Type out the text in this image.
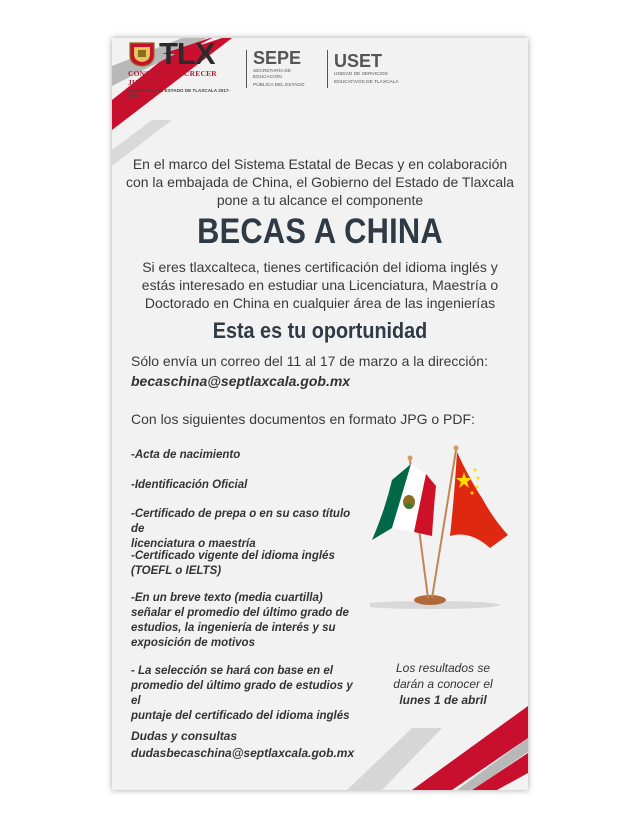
TLX
CONSTRUIR Y CRECER JUNTOS
GOBIERNO DEL ESTADO DE TLAXCALA 2017-2021
SEPE
SECRETARÍA DE EDUCACIÓN
PÚBLICA DEL ESTADO
USET
UNIDAD DE SERVICIOS
EDUCATIVOS DE TLAXCALA
En el marco del Sistema Estatal de Becas y en colaboración
con la embajada de China, el Gobierno del Estado de Tlaxcala
pone a tu alcance el componente
BECAS A CHINA
Si eres tlaxcalteca, tienes certificación del idioma inglés y
estás interesado en estudiar una Licenciatura, Maestría o
Doctorado en China en cualquier área de las ingenierías
Esta es tu oportunidad
Sólo envía un correo del 11 al 17 de marzo a la dirección:
becaschina@septlaxcala.gob.mx
Con los siguientes documentos en formato JPG o PDF:
-Acta de nacimiento
-Identificación Oficial
-Certificado de prepa o en su caso título de
licenciatura o maestría
-Certificado vigente del idioma inglés
(TOEFL o IELTS)
-En un breve texto (media cuartilla)
señalar el promedio del último grado de
estudios, la ingeniería de interés y su
exposición de motivos
- La selección se hará con base en el
promedio del último grado de estudios y el
puntaje del certificado del idioma inglés
Los resultados se
darán a conocer el
lunes 1 de abril
Dudas y consultas
dudasbecaschina@septlaxcala.gob.mx
